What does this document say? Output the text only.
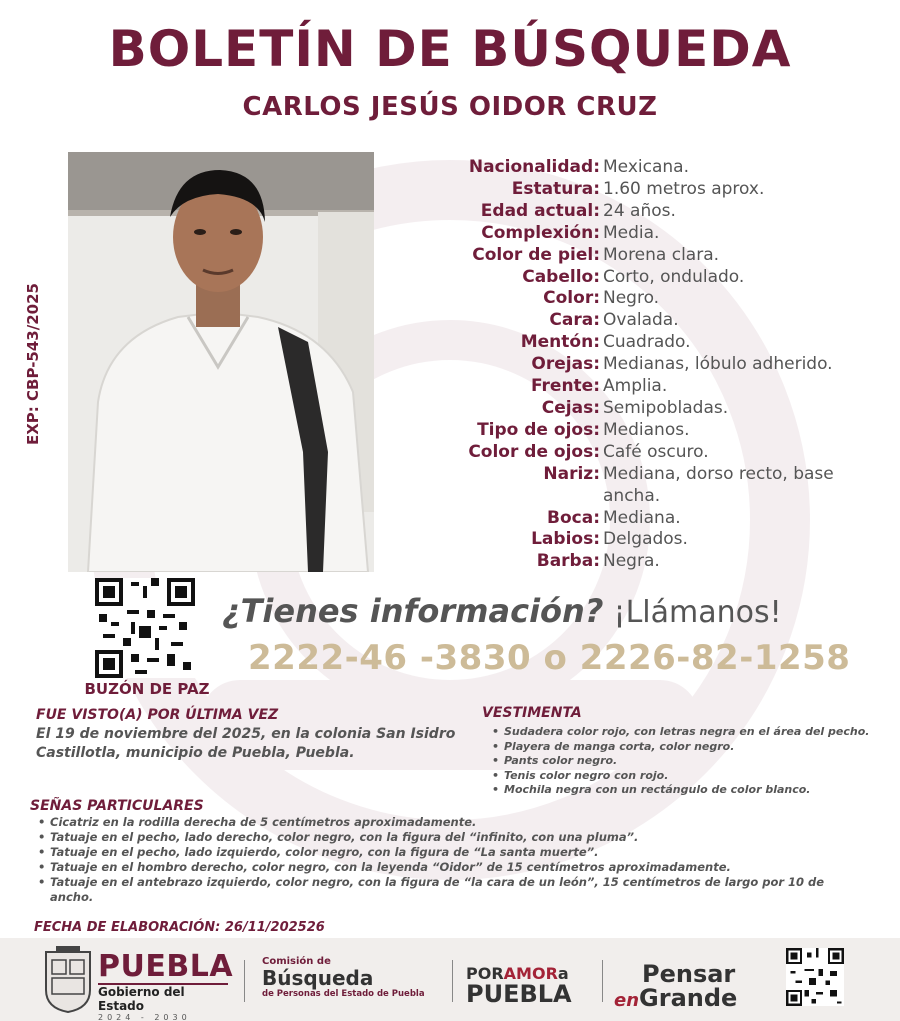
BOLETÍN DE BÚSQUEDA
CARLOS JESÚS OIDOR CRUZ
EXP: CBP-543/2025
Nacionalidad: Mexicana.
Estatura: 1.60 metros aprox.
Edad actual: 24 años.
Complexión: Media.
Color de piel: Morena clara.
Cabello: Corto, ondulado.
Color: Negro.
Cara: Ovalada.
Mentón: Cuadrado.
Orejas: Medianas, lóbulo adherido.
Frente: Amplia.
Cejas: Semipobladas.
Tipo de ojos: Medianos.
Color de ojos: Café oscuro.
Nariz: Mediana, dorso recto, base ancha.
Boca: Mediana.
Labios: Delgados.
Barba: Negra.
BUZÓN DE PAZ
¿Tienes información? ¡Llámanos!
2222-46 -3830 o 2226-82-1258
FUE VISTO(A) POR ÚLTIMA VEZ
El 19 de noviembre del 2025, en la colonia San Isidro Castillotla, municipio de Puebla, Puebla.
VESTIMENTA
• Sudadera color rojo, con letras negra en el área del pecho.
• Playera de manga corta, color negro.
• Pants color negro.
• Tenis color negro con rojo.
• Mochila negra con un rectángulo de color blanco.
SEÑAS PARTICULARES
• Cicatriz en la rodilla derecha de 5 centímetros aproximadamente.
• Tatuaje en el pecho, lado derecho, color negro, con la figura del “infinito, con una pluma”.
• Tatuaje en el pecho, lado izquierdo, color negro, con la figura de “La santa muerte”.
• Tatuaje en el hombro derecho, color negro, con la leyenda “Oidor” de 15 centímetros aproximadamente.
• Tatuaje en el antebrazo izquierdo, color negro, con la figura de “la cara de un león”, 15 centímetros de largo por 10 de ancho.
FECHA DE ELABORACIÓN: 26/11/202526
PUEBLA
Gobierno del Estado
2024 - 2030
Comisión de
Búsqueda
de Personas del Estado de Puebla
PORAMORa
PUEBLA
Pensar
enGrande
